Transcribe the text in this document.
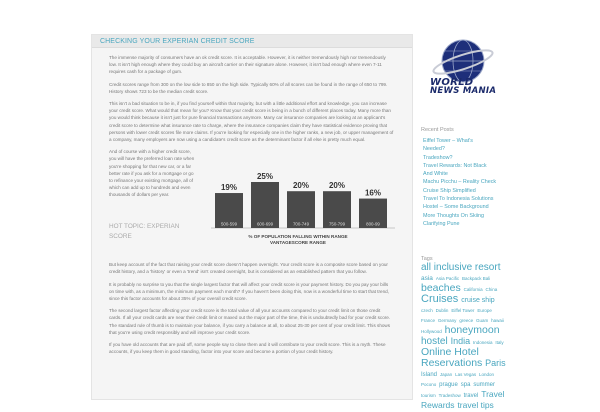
CHECKING YOUR EXPERIAN CREDIT SCORE

The immense majority of consumers have an ok credit score. It is acceptable. However, it is neither tremendously high nor tremendously low. It isn't high enough where they could buy an aircraft carrier on their signature alone. However, it isn't bad enough where even 7-11 requires cash for a package of gum.

Credit scores range from 300 on the low side to 850 on the high side. Typically 60% of all scores can be found in the range of 650 to 799. History shows 723 to be the median credit score.

This isn't a bad situation to be in, if you find yourself within that majority, but with a little additional effort and knowledge, you can increase your credit score. What would that mean for you? Know that your credit score is being in a bunch of different places today. Many more than you would think because it isn't just for pure financial transactions anymore. Many car insurance companies are looking at an applicant's credit score to determine what insurance rate to charge, where the insurance companies claim they have statistical evidence proving that persons with lower credit scores file more claims. If you're looking for especially one in the higher ranks, a new job, or upper management of a company, many employers are now using a candidate's credit score as the determinant factor if all else is pretty much equal.

And of course with a higher credit score, you will have the preferred loan rate when you're shopping for that new car, or a far better rate if you ask for a mortgage or go to refinance your existing mortgage, all of which can add up to hundreds and even thousands of dollars per year.
HOT TOPIC: EXPERIAN SCORE
19%
500-599
25%
600-699
20%
700-749
20%
750-799
16%
800-99
% OF POPULATION FALLING WITHIN RANGE
VANTAGESCORE RANGE

But keep account of the fact that raising your credit score doesn't happen overnight. Your credit score is a composite score based on your credit history, and a 'history' or even a 'trend' isn't created overnight, but is considered as an established pattern that you follow.

It is probably no surprise to you that the single largest factor that will affect your credit score is your payment history. Do you pay your bills on time with, as a minimum, the minimum payment each month? If you haven't been doing this, now is a wonderful time to start that trend, since this factor accounts for about 35% of your overall credit score.

The second largest factor affecting your credit score is the total value of all your accounts compared to your credit limit on those credit cards. If all your credit cards are near their credit limit or maxed out the major part of the time, this is undoubtedly bad for your credit score. The standard rule of thumb is to maintain your balance, if you carry a balance at all, to about 25-30 per cent of your credit limit. This shows that you're using credit responsibly and will improve your credit score.

If you have old accounts that are paid off, some people say to close them and it will contribute to your credit score. This is a myth. These accounts, if you keep them in good standing, factor into your score and become a portion of your credit history.

WORLD
NEWS MANIA
Recent Posts
Eiffel Tower – What's
Needed?
Tradeshow?
Travel Rewards: Not Black
And White
Machu Picchu – Reality Check
Cruise Ship Simplified
Travel To Indonesia Solutions
Hostel – Some Background
More Thoughts On Skiing
Clarifying Pune
Tags
all inclusive resort asia Asia Pacific Backpack Bali beaches California China Cruises cruise ship czech Dublin Eiffel Tower Europe France Germany greece Guam hawaii Hollywood honeymoon hostel India Indonesia Italy Online Hotel Reservations Paris Island Japan Las Vegas London Pocono prague spa summer tourism Tradeshow travel Travel Rewards travel tips
